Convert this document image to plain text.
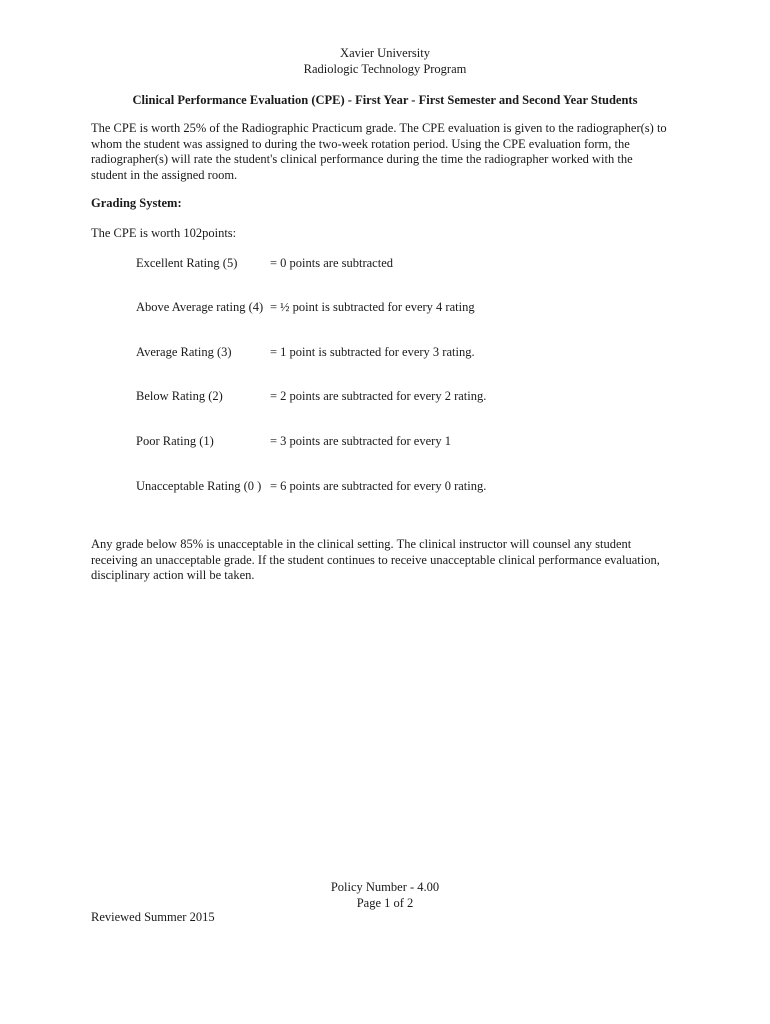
Xavier University
Radiologic Technology Program
Clinical Performance Evaluation (CPE) - First Year - First Semester and Second Year Students
The CPE is worth 25% of the Radiographic Practicum grade. The CPE evaluation is given to the radiographer(s) to
whom the student was assigned to during the two-week rotation period. Using the CPE evaluation form, the
radiographer(s) will rate the student's clinical performance during the time the radiographer worked with the
student in the assigned room.
Grading System:
The CPE is worth 102points:
Excellent Rating (5)	= 0 points are subtracted
Above Average rating (4) = ½ point is subtracted for every 4 rating
Average Rating (3)	= 1 point is subtracted for every 3 rating.
Below Rating (2)	= 2 points are subtracted for every 2 rating.
Poor Rating (1)	= 3 points are subtracted for every 1
Unacceptable Rating (0 ) = 6 points are subtracted for every 0 rating.
Any grade below 85% is unacceptable in the clinical setting. The clinical instructor will counsel any student
receiving an unacceptable grade. If the student continues to receive unacceptable clinical performance evaluation,
disciplinary action will be taken.
Policy Number - 4.00
Page 1 of 2
Reviewed Summer 2015
